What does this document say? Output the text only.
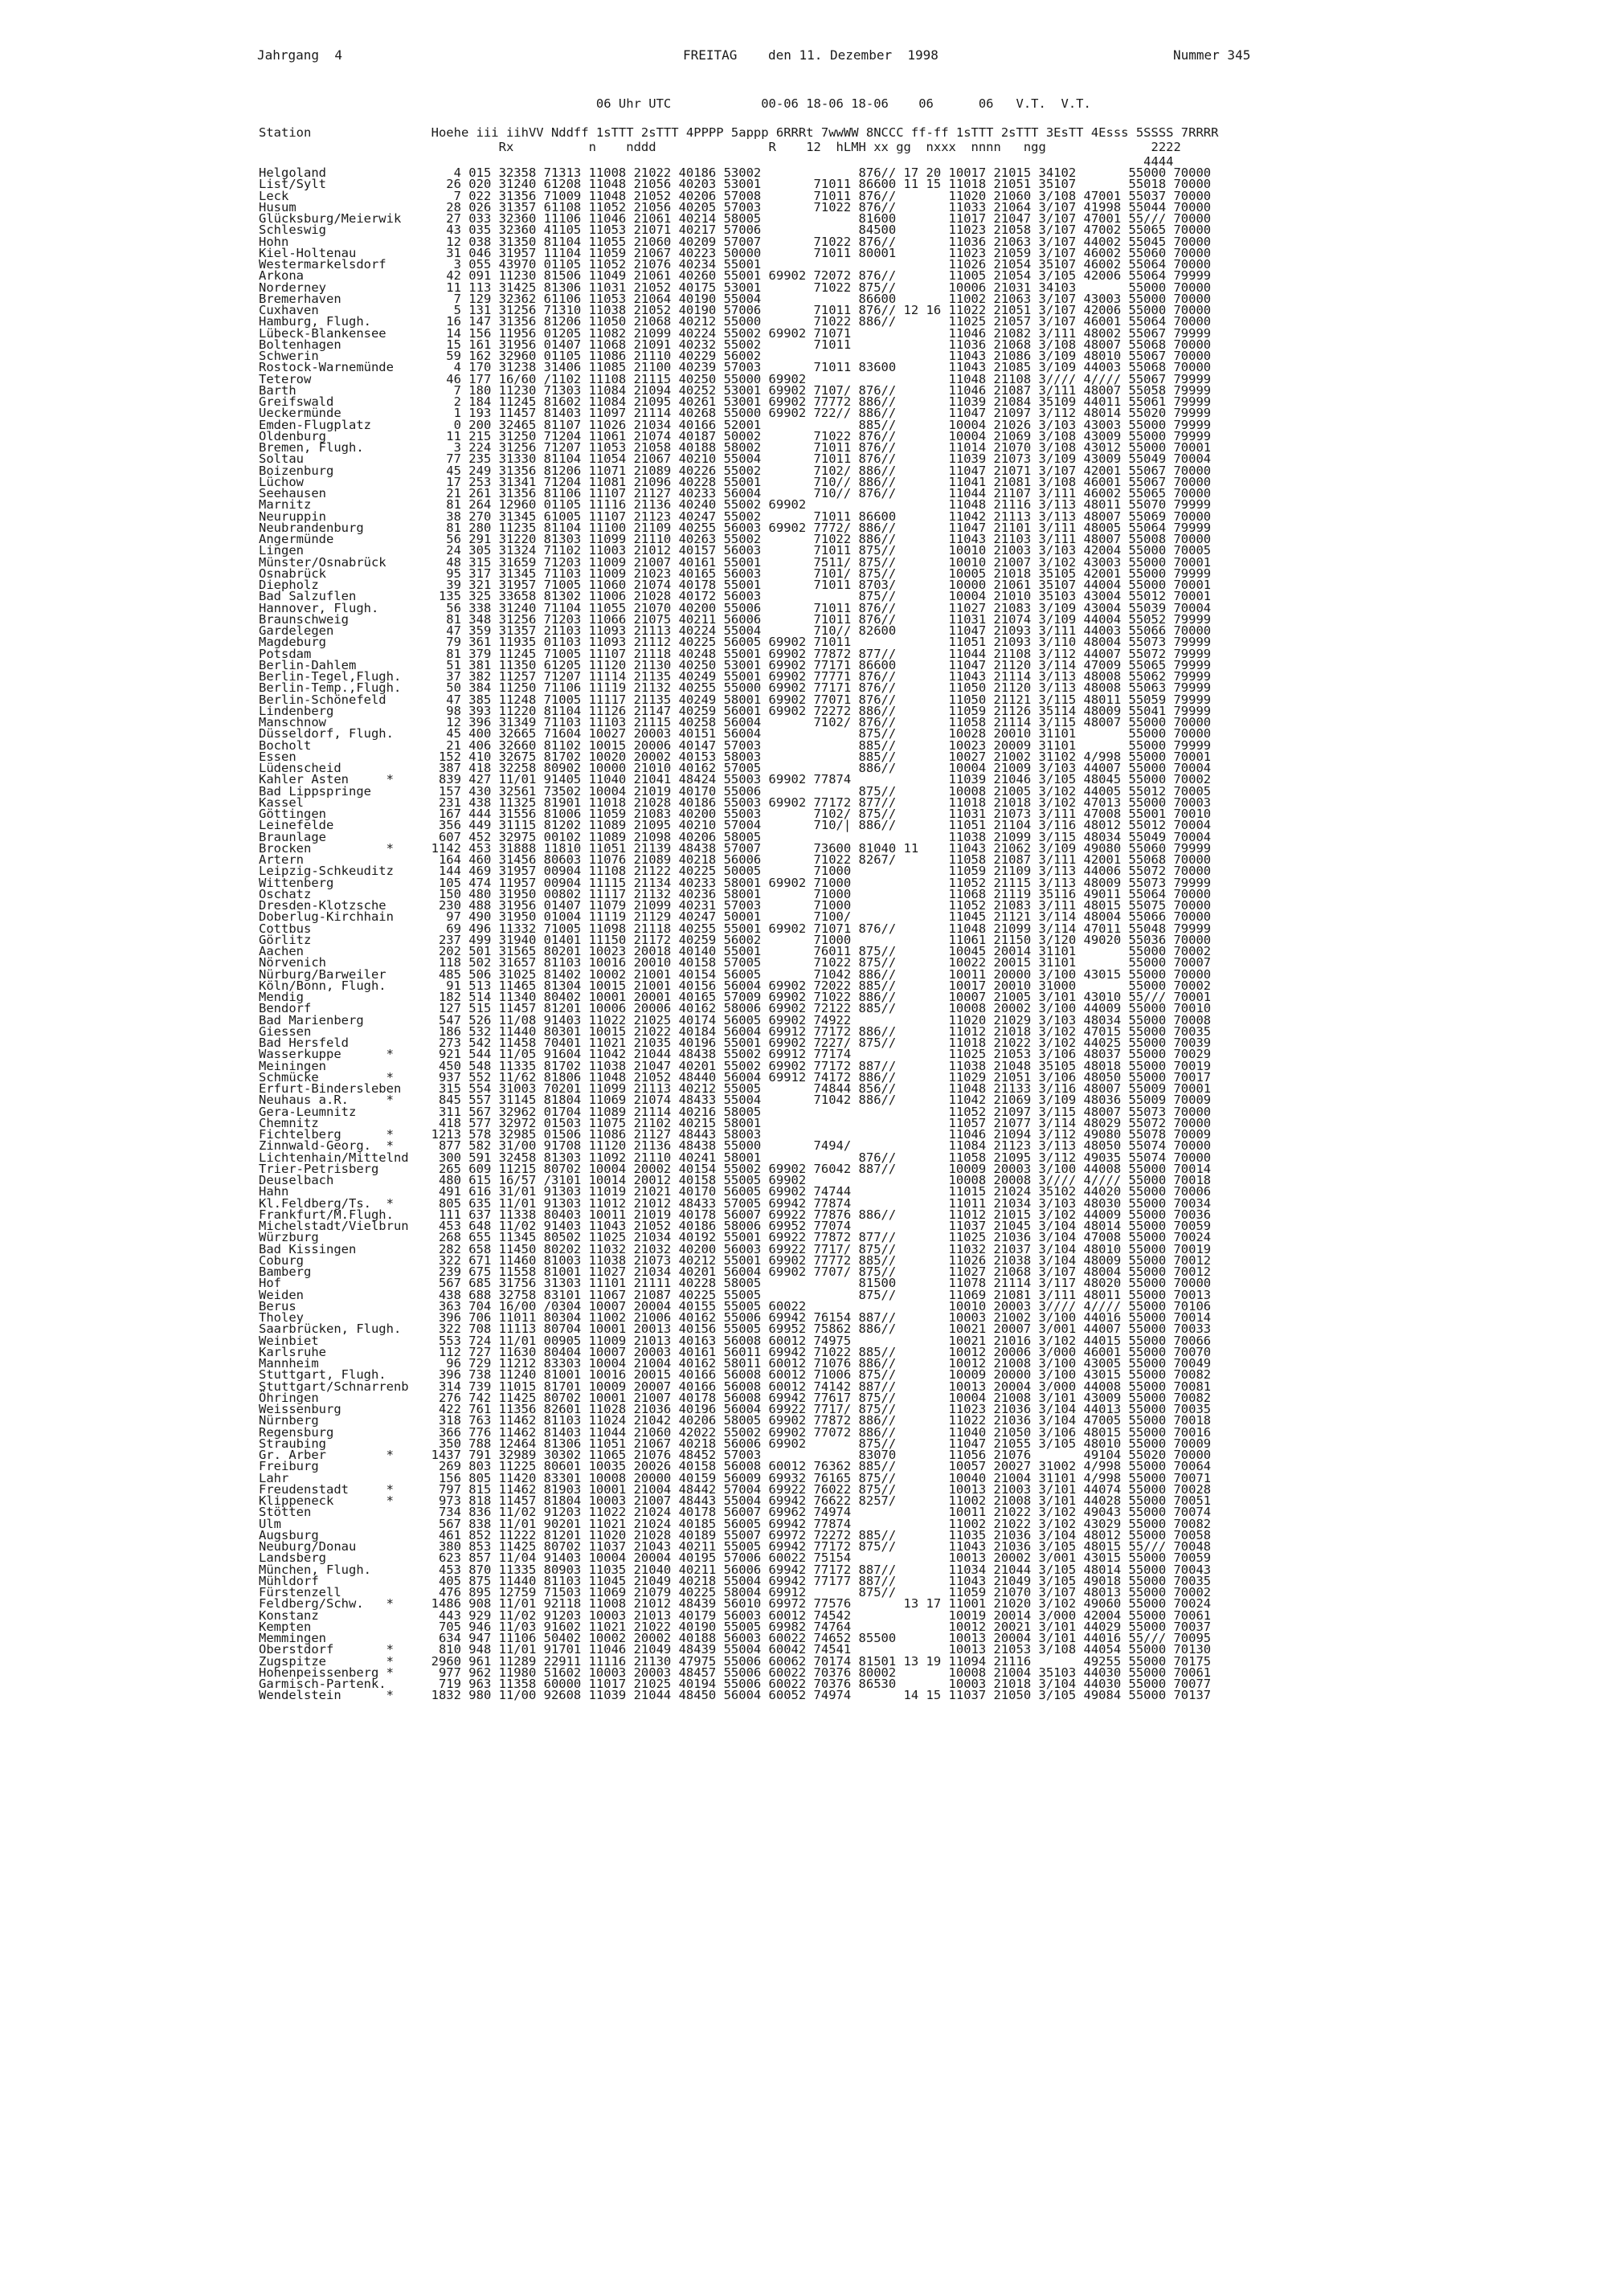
Jahrgang  4

	FREITAG    den 11. Dezember  1998

	Nummer 345

06 Uhr UTC            00-06 18-06 18-06    06      06   V.T.  V.T.

Station                Hoehe iii iihVV Nddff 1sTTT 2sTTT 4PPPP 5appp 6RRRt 7wwWW 8NCCC ff-ff 1sTTT 2sTTT 3EsTT 4Esss 5SSSS 7RRRR
Rx          n    nddd               R    12  hLMH xx gg  nxxx  nnnn   ngg              2222
4444
Helgoland                 4 015 32358 71313 11008 21022 40186 53002             876// 17 20 10017 21015 34102       55000 70000
List/Sylt                26 020 31240 61208 11048 21056 40203 53001       71011 86600 11 15 11018 21051 35107       55018 70000
Leck                      7 022 31356 71009 11048 21052 40206 57008       71011 876//       11020 21060 3/108 47001 55037 70000
Husum                    28 026 31357 61108 11052 21056 40205 57003       71022 876//       11033 21064 3/107 41998 55044 70000
Glücksburg/Meierwik      27 033 32360 11106 11046 21061 40214 58005             81600       11017 21047 3/107 47001 55/// 70000
Schleswig                43 035 32360 41105 11053 21071 40217 57006             84500       11023 21058 3/107 47002 55065 70000
Hohn                     12 038 31350 81104 11055 21060 40209 57007       71022 876//       11036 21063 3/107 44002 55045 70000
Kiel-Holtenau            31 046 31957 11104 11059 21067 40223 50000       71011 80001       11023 21059 3/107 46002 55060 70000
Westermarkelsdorf         3 055 43970 01105 11052 21076 40234 55001                         11026 21054 35107 46002 55064 70000
Arkona                   42 091 11230 81506 11049 21061 40260 55001 69902 72072 876//       11005 21054 3/105 42006 55064 79999
Norderney                11 113 31425 81306 11031 21052 40175 53001       71022 875//       10006 21031 34103       55000 70000
Bremerhaven               7 129 32362 61106 11053 21064 40190 55004             86600       11002 21063 3/107 43003 55000 70000
Cuxhaven                  5 131 31256 71310 11038 21052 40190 57006       71011 876// 12 16 11022 21051 3/107 42006 55000 70000
Hamburg, Flugh.          16 147 31356 81206 11050 21068 40212 55000       71022 886//       11025 21057 3/107 46001 55064 70000
Lübeck-Blankensee        14 156 11956 01205 11082 21099 40224 55002 69902 71071             11046 21082 3/111 48002 55067 79999
Boltenhagen              15 161 31956 01407 11068 21091 40232 55002       71011             11036 21068 3/108 48007 55068 70000
Schwerin                 59 162 32960 01105 11086 21110 40229 56002                         11043 21086 3/109 48010 55067 70000
Rostock-Warnemünde        4 170 31238 31406 11085 21100 40239 57003       71011 83600       11043 21085 3/109 44003 55068 70000
Teterow                  46 177 16/60 /1102 11108 21115 40250 55000 69902                   11048 21108 3//// 4//// 55067 79999
Barth                     7 180 11230 71303 11084 21094 40252 53001 69902 7107/ 876//       11046 21087 3/111 48007 55058 79999
Greifswald                2 184 11245 81602 11084 21095 40261 53001 69902 77772 886//       11039 21084 35109 44011 55061 79999
Ueckermünde               1 193 11457 81403 11097 21114 40268 55000 69902 722// 886//       11047 21097 3/112 48014 55020 79999
Emden-Flugplatz           0 200 32465 81107 11026 21034 40166 52001             885//       10004 21026 3/103 43003 55000 79999
Oldenburg                11 215 31250 71204 11061 21074 40187 50002       71022 876//       10004 21069 3/108 43009 55000 79999
Bremen, Flugh.            3 224 31256 71207 11053 21058 40188 58002       71011 876//       11014 21070 3/108 43012 55000 70001
Soltau                   77 235 31330 81104 11054 21067 40210 55004       71011 876//       11039 21073 3/109 43009 55049 70004
Boizenburg               45 249 31356 81206 11071 21089 40226 55002       7102/ 886//       11047 21071 3/107 42001 55067 70000
Lüchow                   17 253 31341 71204 11081 21096 40228 55001       710// 886//       11041 21081 3/108 46001 55067 70000
Seehausen                21 261 31356 81106 11107 21127 40233 56004       710// 876//       11044 21107 3/111 46002 55065 70000
Marnitz                  81 264 12960 01105 11116 21136 40240 55002 69902                   11048 21116 3/113 48011 55070 79999
Neuruppin                38 270 31345 61005 11107 21123 40247 55002       71011 86600       11042 21113 3/113 48007 55069 70000
Neubrandenburg           81 280 11235 81104 11100 21109 40255 56003 69902 7772/ 886//       11047 21101 3/111 48005 55064 79999
Angermünde               56 291 31220 81303 11099 21110 40263 55002       71022 886//       11043 21103 3/111 48007 55008 70000
Lingen                   24 305 31324 71102 11003 21012 40157 56003       71011 875//       10010 21003 3/103 42004 55000 70005
Münster/Osnabrück        48 315 31659 71203 11009 21007 40161 55001       7511/ 875//       10010 21007 3/102 43003 55000 70001
Osnabrück                95 317 31345 71103 11009 21023 40165 56003       7101/ 875//       10005 21018 35105 42001 55000 79999
Diepholz                 39 321 31957 71005 11060 21074 40178 55001       71011 8703/       10000 21061 35107 44004 55000 70001
Bad Salzuflen           135 325 33658 81302 11006 21028 40172 56003             875//       10004 21010 35103 43004 55012 70001
Hannover, Flugh.         56 338 31240 71104 11055 21070 40200 55006       71011 876//       11027 21083 3/109 43004 55039 70004
Braunschweig             81 348 31256 71203 11066 21075 40211 56006       71011 876//       11031 21074 3/109 44004 55052 79999
Gardelegen               47 359 31357 21103 11093 21113 40224 55004       710// 82600       11047 21093 3/111 44003 55066 70000
Magdeburg                79 361 11935 01103 11093 21112 40225 56005 69902 71011             11051 21093 3/110 48004 55073 79999
Potsdam                  81 379 11245 71005 11107 21118 40248 55001 69902 77872 877//       11044 21108 3/112 44007 55072 79999
Berlin-Dahlem            51 381 11350 61205 11120 21130 40250 53001 69902 77171 86600       11047 21120 3/114 47009 55065 79999
Berlin-Tegel,Flugh.      37 382 11257 71207 11114 21135 40249 55001 69902 77771 876//       11043 21114 3/113 48008 55062 79999
Berlin-Temp.,Flugh.      50 384 11250 71106 11119 21132 40255 55000 69902 77171 876//       11050 21120 3/113 48008 55063 79999
Berlin-Schönefeld        47 385 11248 71005 11117 21135 40249 58001 69902 77071 876//       11050 21121 3/115 48011 55059 79999
Lindenberg               98 393 11220 81104 11126 21147 40259 56001 69902 72272 886//       11059 21126 35114 48009 55041 79999
Manschnow                12 396 31349 71103 11103 21115 40258 56004       7102/ 876//       11058 21114 3/115 48007 55000 70000
Düsseldorf, Flugh.       45 400 32665 71604 10027 20003 40151 56004             875//       10028 20010 31101       55000 70000
Bocholt                  21 406 32660 81102 10015 20006 40147 57003             885//       10023 20009 31101       55000 79999
Essen                   152 410 32675 81702 10020 20002 40153 58003             885//       10027 21002 31102 4/998 55000 70001
Lüdenscheid             387 418 32258 80902 10000 21010 40162 57005             886//       10004 21009 3/103 44007 55000 70004
Kahler Asten     *      839 427 11/01 91405 11040 21041 48424 55003 69902 77874             11039 21046 3/105 48045 55000 70002
Bad Lippspringe         157 430 32561 73502 10004 21019 40170 55006             875//       10008 21005 3/102 44005 55012 70005
Kassel                  231 438 11325 81901 11018 21028 40186 55003 69902 77172 877//       11018 21018 3/102 47013 55000 70003
Göttingen               167 444 31556 81006 11059 21083 40200 55003       7102/ 875//       11031 21073 3/111 47008 55001 70010
Leinefelde              356 449 31115 81202 11089 21095 40210 57004       710/| 886//       11051 21104 3/116 48012 55012 70004
Braunlage               607 452 32975 00102 11089 21098 40206 58005                         11038 21099 3/115 48034 55049 70004
Brocken          *     1142 453 31888 11810 11051 21139 48438 57007       73600 81040 11    11043 21062 3/109 49080 55060 79999
Artern                  164 460 31456 80603 11076 21089 40218 56006       71022 8267/       11058 21087 3/111 42001 55068 70000
Leipzig-Schkeuditz      144 469 31957 00904 11108 21122 40225 50005       71000             11059 21109 3/113 44006 55072 70000
Wittenberg              105 474 11957 00904 11115 21134 40233 58001 69902 71000             11052 21115 3/113 48009 55073 79999
Oschatz                 150 480 31950 00802 11117 21132 40236 58001       71000             11068 21119 35116 49011 55064 70000
Dresden-Klotzsche       230 488 31956 01407 11079 21099 40231 57003       71000             11052 21083 3/111 48015 55075 70000
Doberlug-Kirchhain       97 490 31950 01004 11119 21129 40247 50001       7100/             11045 21121 3/114 48004 55066 70000
Cottbus                  69 496 11332 71005 11098 21118 40255 55001 69902 71071 876//       11048 21099 3/114 47011 55048 79999
Görlitz                 237 499 31940 01401 11150 21172 40259 56002       71000             11061 21150 3/120 49020 55036 70000
Aachen                  202 501 31565 80201 10023 20018 40140 55001       76011 875//       10045 20014 31101       55000 70002
Nörvenich               118 502 31657 81103 10016 20010 40158 57005       71022 875//       10022 20015 31101       55000 70007
Nürburg/Barweiler       485 506 31025 81402 10002 21001 40154 56005       71042 886//       10011 20000 3/100 43015 55000 70000
Köln/Bonn, Flugh.        91 513 11465 81304 10015 21001 40156 56004 69902 72022 885//       10017 20010 31000       55000 70002
Mendig                  182 514 11340 80402 10001 20001 40165 57009 69902 71022 886//       10007 21005 3/101 43010 55/// 70001
Bendorf                 127 515 11457 81201 10006 20006 40162 58006 69902 72122 885//       10008 20002 3/100 44009 55000 70010
Bad Marienberg          547 526 11/08 91403 11022 21025 40174 56005 69902 74922             11020 21029 3/103 48034 55000 70008
Giessen                 186 532 11440 80301 10015 21022 40184 56004 69912 77172 886//       11012 21018 3/102 47015 55000 70035
Bad Hersfeld            273 542 11458 70401 11021 21035 40196 55001 69902 7227/ 875//       11018 21022 3/102 44025 55000 70039
Wasserkuppe      *      921 544 11/05 91604 11042 21044 48438 55002 69912 77174             11025 21053 3/106 48037 55000 70029
Meiningen               450 548 11335 81702 11038 21047 40201 55002 69902 77172 887//       11038 21048 35105 48018 55000 70019
Schmücke         *      937 552 11/62 81806 11048 21052 48440 56004 69912 74172 886//       11029 21051 3/106 48050 55000 70017
Erfurt-Bindersleben     315 554 31003 70201 11099 21113 40212 55005       74844 856//       11048 21133 3/116 48007 55009 70001
Neuhaus a.R.     *      845 557 31145 81804 11069 21074 48433 55004       71042 886//       11042 21069 3/109 48036 55009 70009
Gera-Leumnitz           311 567 32962 01704 11089 21114 40216 58005                         11052 21097 3/115 48007 55073 70000
Chemnitz                418 577 32972 01503 11075 21102 40215 58001                         11057 21077 3/114 48029 55072 70000
Fichtelberg      *     1213 578 32985 01506 11086 21127 48443 58003                         11046 21094 3/112 49080 55078 70009
Zinnwald-Georg.  *      877 582 31/00 91708 11120 21136 48438 55000       7494/             11084 21123 3/113 48050 55074 70000
Lichtenhain/Mittelnd    300 591 32458 81303 11092 21110 40241 58001             876//       11058 21095 3/112 49035 55074 70000
Trier-Petrisberg        265 609 11215 80702 10004 20002 40154 55002 69902 76042 887//       10009 20003 3/100 44008 55000 70014
Deuselbach              480 615 16/57 /3101 10014 20012 40158 55005 69902                   10008 20008 3//// 4//// 55000 70018
Hahn                    491 616 31/01 91303 11019 21021 40170 56005 69902 74744             11015 21024 35102 44020 55000 70006
Kl.Feldberg/Ts.  *      805 635 11/01 91303 11012 21012 48433 57005 69942 77874             11011 21034 3/103 48030 55000 70034
Frankfurt/M.Flugh.      111 637 11338 80403 10011 21019 40178 56007 69922 77876 886//       11012 21015 3/102 44009 55000 70036
Michelstadt/Vielbrun    453 648 11/02 91403 11043 21052 40186 58006 69952 77074             11037 21045 3/104 48014 55000 70059
Würzburg                268 655 11345 80502 11025 21034 40192 55001 69922 77872 877//       11025 21036 3/104 47008 55000 70024
Bad Kissingen           282 658 11450 80202 11032 21032 40200 56003 69922 7717/ 875//       11032 21037 3/104 48010 55000 70019
Coburg                  322 671 11460 81003 11038 21073 40212 55001 69902 77772 885//       11026 21038 3/104 48009 55000 70012
Bamberg                 239 675 11558 81001 11027 21034 40201 56004 69902 7707/ 875//       11027 21068 3/107 48004 55000 70012
Hof                     567 685 31756 31303 11101 21111 40228 58005             81500       11078 21114 3/117 48020 55000 70000
Weiden                  438 688 32758 83101 11067 21087 40225 55005             875//       11069 21081 3/111 48011 55000 70013
Berus                   363 704 16/00 /0304 10007 20004 40155 55005 60022                   10010 20003 3//// 4//// 55000 70106
Tholey                  396 706 11011 80304 11002 21006 40162 55006 69942 76154 887//       10003 21002 3/100 44016 55000 70014
Saarbrücken, Flugh.     322 708 11113 80704 10001 20013 40156 55005 69952 75862 886//       10021 20007 3/001 44007 55000 70033
Weinbiet                553 724 11/01 00905 11009 21013 40163 56008 60012 74975             10021 21016 3/102 44015 55000 70066
Karlsruhe               112 727 11630 80404 10007 20003 40161 56011 69942 71022 885//       10012 20006 3/000 46001 55000 70070
Mannheim                 96 729 11212 83303 10004 21004 40162 58011 60012 71076 886//       10012 21008 3/100 43005 55000 70049
Stuttgart, Flugh.       396 738 11240 81001 10016 20015 40166 56008 60012 71006 875//       10009 20000 3/100 43015 55000 70082
Stuttgart/Schnarrenb    314 739 11015 81701 10009 20007 40166 56008 60012 74142 887//       10013 20004 3/000 44008 55000 70081
Öhringen                276 742 11425 80702 10001 21007 40178 56008 69942 77617 875//       10004 21008 3/101 43009 55000 70082
Weissenburg             422 761 11356 82601 11028 21036 40196 56004 69922 7717/ 875//       11023 21036 3/104 44013 55000 70035
Nürnberg                318 763 11462 81103 11024 21042 40206 58005 69902 77872 886//       11022 21036 3/104 47005 55000 70018
Regensburg              366 776 11462 81403 11044 21060 42022 55002 69902 77072 886//       11040 21050 3/106 48015 55000 70016
Straubing               350 788 12464 81306 11051 21067 40218 56006 69902       875//       11047 21055 3/105 48010 55000 70009
Gr. Arber        *     1437 791 32989 30302 11065 21076 48452 57003             83070       11056 21076       49104 55020 70000
Freiburg                269 803 11225 80601 10035 20026 40158 56008 60012 76362 885//       10057 20027 31002 4/998 55000 70064
Lahr                    156 805 11420 83301 10008 20000 40159 56009 69932 76165 875//       10040 21004 31101 4/998 55000 70071
Freudenstadt     *      797 815 11462 81903 10001 21004 48442 57004 69922 76022 875//       10013 21003 3/101 44074 55000 70028
Klippeneck       *      973 818 11457 81804 10003 21007 48443 55004 69942 76622 8257/       11002 21008 3/101 44028 55000 70051
Stötten                 734 836 11/02 91203 11022 21024 40178 56007 69962 74974             10011 21022 3/102 49043 55000 70074
Ulm                     567 838 11/01 90201 11021 21024 40185 56005 69942 77874             11002 21022 3/102 43029 55000 70082
Augsburg                461 852 11222 81201 11020 21028 40189 55007 69972 72272 885//       11035 21036 3/104 48012 55000 70058
Neuburg/Donau           380 853 11425 80702 11037 21043 40211 55005 69942 77172 875//       11043 21036 3/105 48015 55/// 70048
Landsberg               623 857 11/04 91403 10004 20004 40195 57006 60022 75154             10013 20002 3/001 43015 55000 70059
München, Flugh.         453 870 11335 80903 11035 21040 40211 56006 69942 77172 887//       11034 21044 3/105 48014 55000 70043
Mühldorf                405 875 11440 81103 11045 21049 40218 55004 69942 77177 887//       11043 21049 3/105 49018 55000 70035
Fürstenzell             476 895 12759 71503 11069 21079 40225 58004 69912       875//       11059 21070 3/107 48013 55000 70002
Feldberg/Schw.   *     1486 908 11/01 92118 11008 21012 48439 56010 69972 77576       13 17 11001 21020 3/102 49060 55000 70024
Konstanz                443 929 11/02 91203 10003 21013 40179 56003 60012 74542             10019 20014 3/000 42004 55000 70061
Kempten                 705 946 11/03 91602 11021 21022 40190 55005 69982 74764             10012 20021 3/101 44029 55000 70037
Memmingen               634 947 11106 50402 10002 20002 40188 56003 60022 74652 85500       10013 20004 3/101 44016 55/// 70095
Oberstdorf       *      810 948 11/01 91701 11046 21049 48439 55004 60042 74541             10013 21053 3/108 44054 55000 70130
Zugspitze        *     2960 961 11289 22911 11116 21130 47975 55006 60062 70174 81501 13 19 11094 21116       49255 55000 70175
Hohenpeissenberg *      977 962 11980 51602 10003 20003 48457 55006 60022 70376 80002       10008 21004 35103 44030 55000 70061
Garmisch-Partenk.       719 963 11358 60000 11017 21025 40194 55006 60022 70376 86530       10003 21018 3/104 44030 55000 70077
Wendelstein      *     1832 980 11/00 92608 11039 21044 48450 56004 60052 74974       14 15 11037 21050 3/105 49084 55000 70137
